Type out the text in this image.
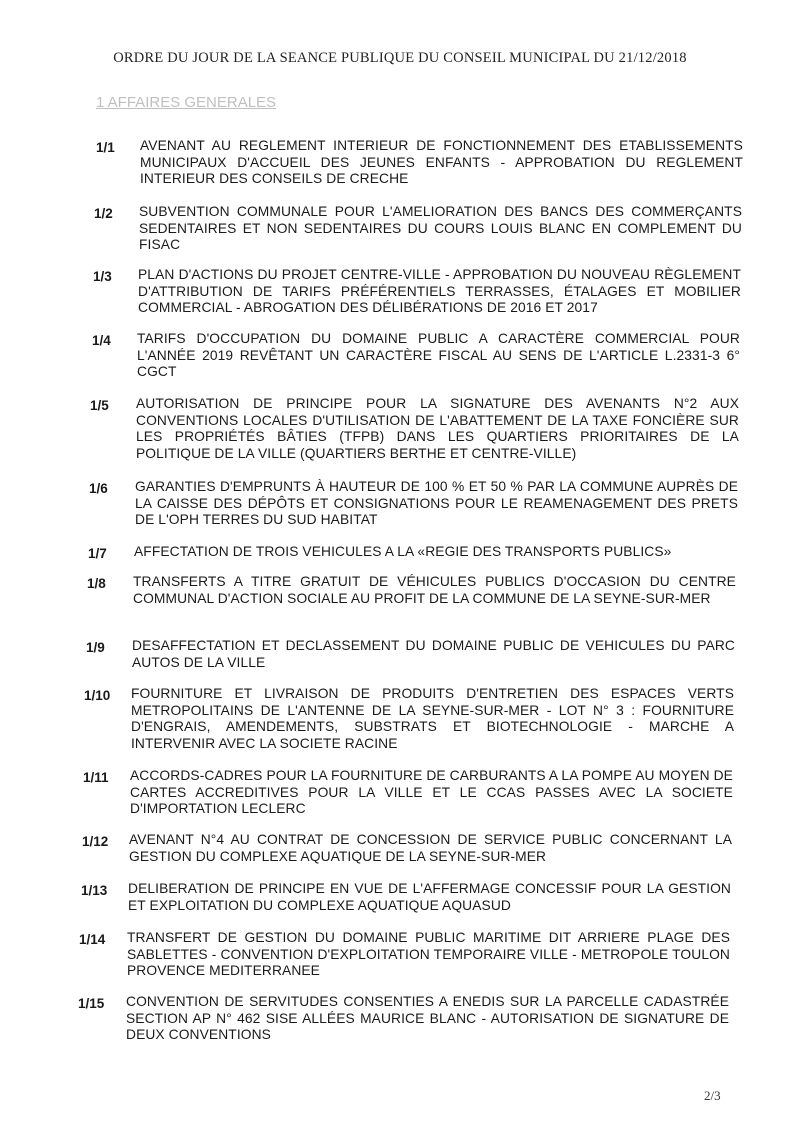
ORDRE DU JOUR DE LA SEANCE PUBLIQUE DU CONSEIL MUNICIPAL DU 21/12/2018
1 AFFAIRES GENERALES
1/1 AVENANT AU REGLEMENT INTERIEUR DE FONCTIONNEMENT DES ETABLISSEMENTS MUNICIPAUX D'ACCUEIL DES JEUNES ENFANTS - APPROBATION DU REGLEMENT INTERIEUR DES CONSEILS DE CRECHE
1/2 SUBVENTION COMMUNALE POUR L'AMELIORATION DES BANCS DES COMMERÇANTS SEDENTAIRES ET NON SEDENTAIRES DU COURS LOUIS BLANC EN COMPLEMENT DU FISAC
1/3 PLAN D'ACTIONS DU PROJET CENTRE-VILLE - APPROBATION DU NOUVEAU RÈGLEMENT D'ATTRIBUTION DE TARIFS PRÉFÉRENTIELS TERRASSES, ÉTALAGES ET MOBILIER COMMERCIAL - ABROGATION DES DÉLIBÉRATIONS DE 2016 ET 2017
1/4 TARIFS D'OCCUPATION DU DOMAINE PUBLIC A CARACTÈRE COMMERCIAL POUR L'ANNÉE 2019 REVÊTANT UN CARACTÈRE FISCAL AU SENS DE L'ARTICLE L.2331-3 6° CGCT
1/5 AUTORISATION DE PRINCIPE POUR LA SIGNATURE DES AVENANTS N°2 AUX CONVENTIONS LOCALES D'UTILISATION DE L'ABATTEMENT DE LA TAXE FONCIÈRE SUR LES PROPRIÉTÉS BÂTIES (TFPB) DANS LES QUARTIERS PRIORITAIRES DE LA POLITIQUE DE LA VILLE (QUARTIERS BERTHE ET CENTRE-VILLE)
1/6 GARANTIES D'EMPRUNTS À HAUTEUR DE 100 % ET 50 % PAR LA COMMUNE AUPRÈS DE LA CAISSE DES DÉPÔTS ET CONSIGNATIONS POUR LE REAMENAGEMENT DES PRETS DE L'OPH TERRES DU SUD HABITAT
1/7 AFFECTATION DE TROIS VEHICULES A LA «REGIE DES TRANSPORTS PUBLICS»
1/8 TRANSFERTS A TITRE GRATUIT DE VÉHICULES PUBLICS D'OCCASION DU CENTRE COMMUNAL D'ACTION SOCIALE AU PROFIT DE LA COMMUNE DE LA SEYNE-SUR-MER
1/9 DESAFFECTATION ET DECLASSEMENT DU DOMAINE PUBLIC DE VEHICULES DU PARC AUTOS DE LA VILLE
1/10 FOURNITURE ET LIVRAISON DE PRODUITS D'ENTRETIEN DES ESPACES VERTS METROPOLITAINS DE L'ANTENNE DE LA SEYNE-SUR-MER - LOT N° 3 : FOURNITURE D'ENGRAIS, AMENDEMENTS, SUBSTRATS ET BIOTECHNOLOGIE - MARCHE A INTERVENIR AVEC LA SOCIETE RACINE
1/11 ACCORDS-CADRES POUR LA FOURNITURE DE CARBURANTS A LA POMPE AU MOYEN DE CARTES ACCREDITIVES POUR LA VILLE ET LE CCAS PASSES AVEC LA SOCIETE D'IMPORTATION LECLERC
1/12 AVENANT N°4 AU CONTRAT DE CONCESSION DE SERVICE PUBLIC CONCERNANT LA GESTION DU COMPLEXE AQUATIQUE DE LA SEYNE-SUR-MER
1/13 DELIBERATION DE PRINCIPE EN VUE DE L'AFFERMAGE CONCESSIF POUR LA GESTION ET EXPLOITATION DU COMPLEXE AQUATIQUE AQUASUD
1/14 TRANSFERT DE GESTION DU DOMAINE PUBLIC MARITIME DIT ARRIERE PLAGE DES SABLETTES - CONVENTION D'EXPLOITATION TEMPORAIRE VILLE - METROPOLE TOULON PROVENCE MEDITERRANEE
1/15 CONVENTION DE SERVITUDES CONSENTIES A ENEDIS SUR LA PARCELLE CADASTRÉE SECTION AP N° 462 SISE ALLÉES MAURICE BLANC - AUTORISATION DE SIGNATURE DE DEUX CONVENTIONS
2/3
